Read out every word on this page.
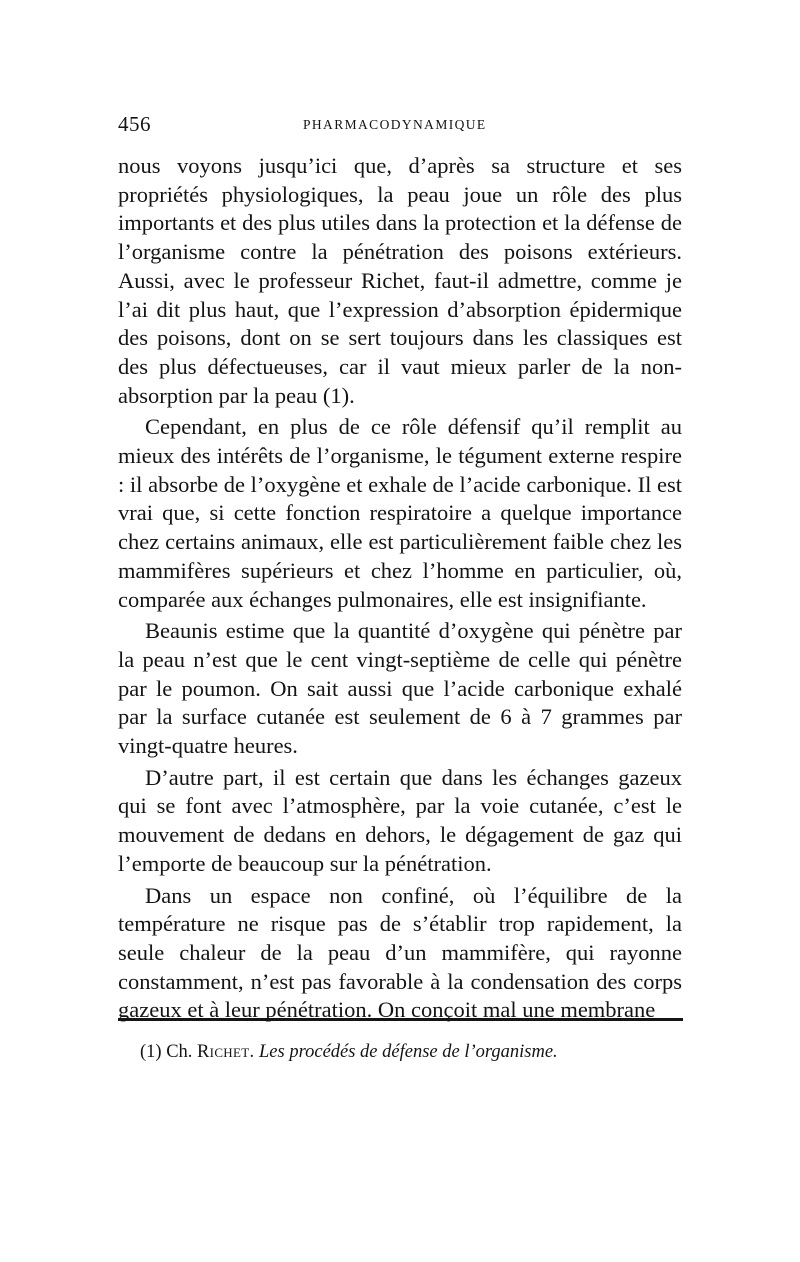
456	PHARMACODYNAMIQUE

nous voyons jusqu’ici que, d’après sa structure et ses propriétés physiologiques, la peau joue un rôle des plus importants et des plus utiles dans la protection et la défense de l’organisme contre la pénétration des poisons extérieurs. Aussi, avec le professeur Richet, faut-il admettre, comme je l’ai dit plus haut, que l’expression d’absorption épidermique des poisons, dont on se sert toujours dans les classiques est des plus défectueuses, car il vaut mieux parler de la non-absorption par la peau (1).

Cependant, en plus de ce rôle défensif qu’il remplit au mieux des intérêts de l’organisme, le tégument externe respire : il absorbe de l’oxygène et exhale de l’acide carbonique. Il est vrai que, si cette fonction respiratoire a quelque importance chez certains animaux, elle est particulièrement faible chez les mammifères supérieurs et chez l’homme en particulier, où, comparée aux échanges pulmonaires, elle est insignifiante.

Beaunis estime que la quantité d’oxygène qui pénètre par la peau n’est que le cent vingt-septième de celle qui pénètre par le poumon. On sait aussi que l’acide carbonique exhalé par la surface cutanée est seulement de 6 à 7 grammes par vingt-quatre heures.

D’autre part, il est certain que dans les échanges gazeux qui se font avec l’atmosphère, par la voie cutanée, c’est le mouvement de dedans en dehors, le dégagement de gaz qui l’emporte de beaucoup sur la pénétration.

Dans un espace non confiné, où l’équilibre de la température ne risque pas de s’établir trop rapidement, la seule chaleur de la peau d’un mammifère, qui rayonne constamment, n’est pas favorable à la condensation des corps gazeux et à leur pénétration. On conçoit mal une membrane

(1) Ch. Richet. Les procédés de défense de l’organisme.
